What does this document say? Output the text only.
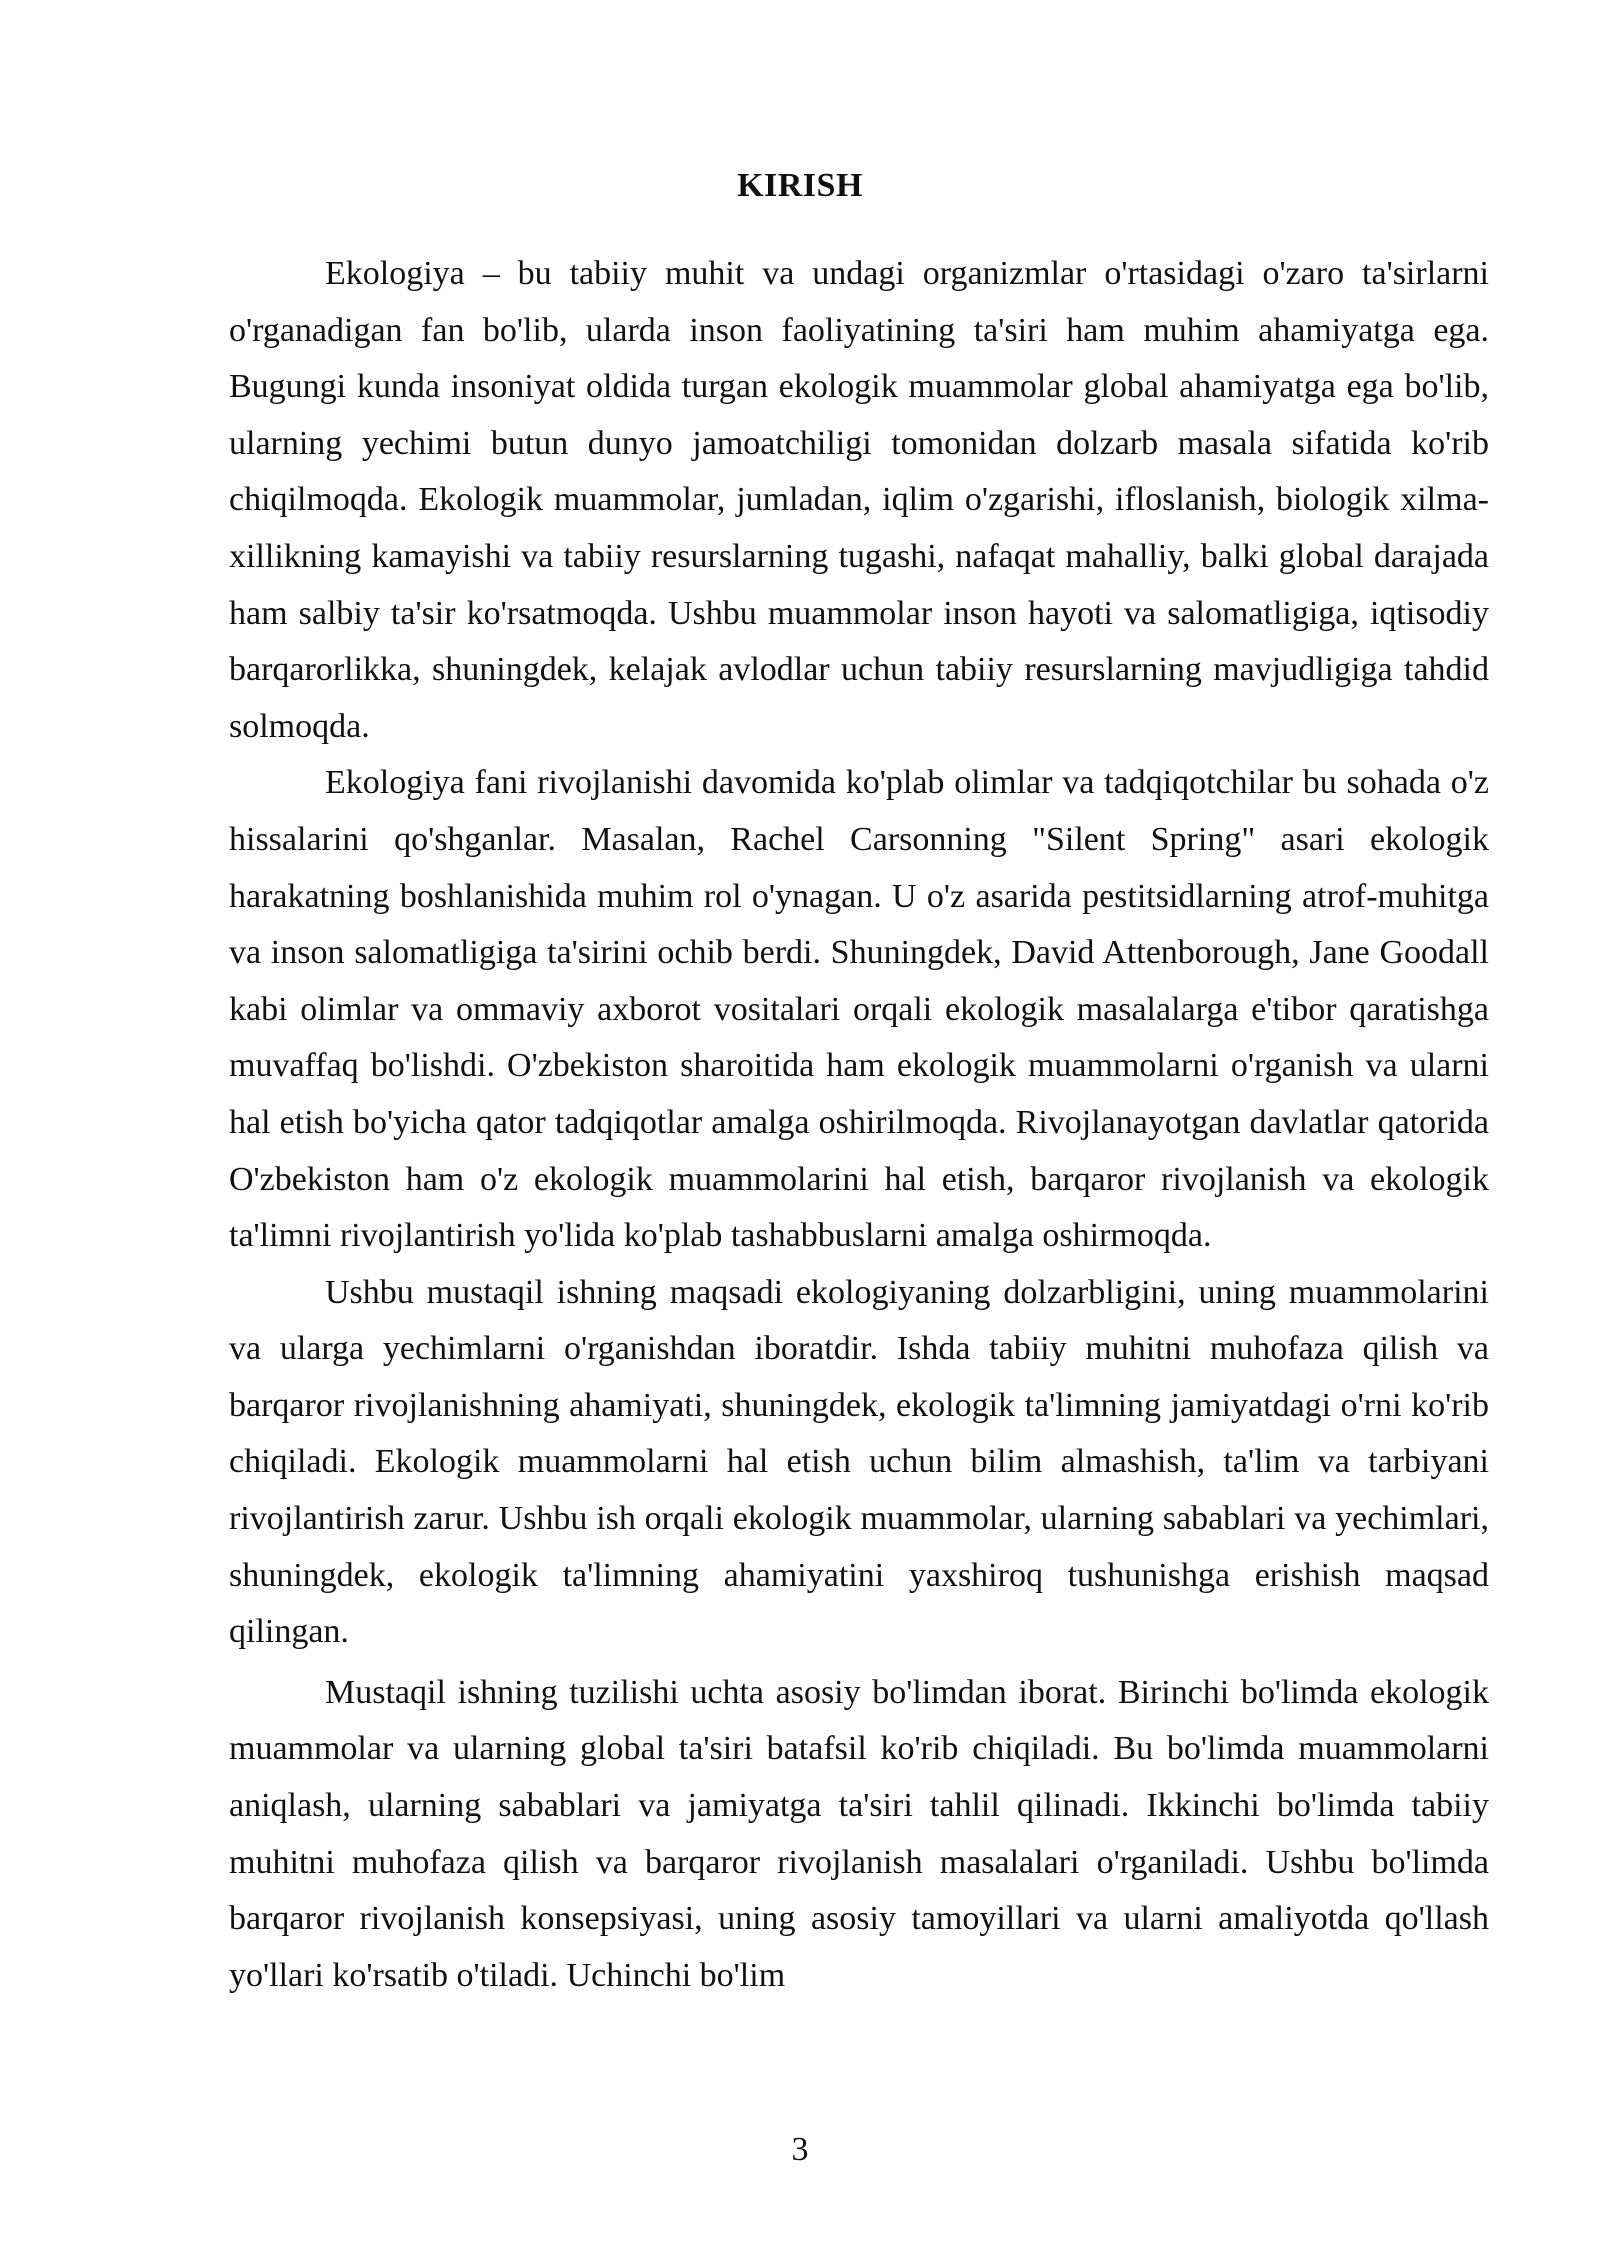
KIRISH

Ekologiya – bu tabiiy muhit va undagi organizmlar o'rtasidagi o'zaro ta'sirlarni o'rganadigan fan bo'lib, ularda inson faoliyatining ta'siri ham muhim ahamiyatga ega. Bugungi kunda insoniyat oldida turgan ekologik muammolar global ahamiyatga ega bo'lib, ularning yechimi butun dunyo jamoatchiligi tomonidan dolzarb masala sifatida ko'rib chiqilmoqda. Ekologik muammolar, jumladan, iqlim o'zgarishi, ifloslanish, biologik xilma-xillikning kamayishi va tabiiy resurslarning tugashi, nafaqat mahalliy, balki global darajada ham salbiy ta'sir ko'rsatmoqda. Ushbu muammolar inson hayoti va salomatligiga, iqtisodiy barqarorlikka, shuningdek, kelajak avlodlar uchun tabiiy resurslarning mavjudligiga tahdid solmoqda.

Ekologiya fani rivojlanishi davomida ko'plab olimlar va tadqiqotchilar bu sohada o'z hissalarini qo'shganlar. Masalan, Rachel Carsonning "Silent Spring" asari ekologik harakatning boshlanishida muhim rol o'ynagan. U o'z asarida pestitsidlarning atrof-muhitga va inson salomatligiga ta'sirini ochib berdi. Shuningdek, David Attenborough, Jane Goodall kabi olimlar va ommaviy axborot vositalari orqali ekologik masalalarga e'tibor qaratishga muvaffaq bo'lishdi. O'zbekiston sharoitida ham ekologik muammolarni o'rganish va ularni hal etish bo'yicha qator tadqiqotlar amalga oshirilmoqda. Rivojlanayotgan davlatlar qatorida O'zbekiston ham o'z ekologik muammolarini hal etish, barqaror rivojlanish va ekologik ta'limni rivojlantirish yo'lida ko'plab tashabbuslarni amalga oshirmoqda.

Ushbu mustaqil ishning maqsadi ekologiyaning dolzarbligini, uning muammolarini va ularga yechimlarni o'rganishdan iboratdir. Ishda tabiiy muhitni muhofaza qilish va barqaror rivojlanishning ahamiyati, shuningdek, ekologik ta'limning jamiyatdagi o'rni ko'rib chiqiladi. Ekologik muammolarni hal etish uchun bilim almashish, ta'lim va tarbiyani rivojlantirish zarur. Ushbu ish orqali ekologik muammolar, ularning sabablari va yechimlari, shuningdek, ekologik ta'limning ahamiyatini yaxshiroq tushunishga erishish maqsad qilingan.

Mustaqil ishning tuzilishi uchta asosiy bo'limdan iborat. Birinchi bo'limda ekologik muammolar va ularning global ta'siri batafsil ko'rib chiqiladi. Bu bo'limda muammolarni aniqlash, ularning sabablari va jamiyatga ta'siri tahlil qilinadi. Ikkinchi bo'limda tabiiy muhitni muhofaza qilish va barqaror rivojlanish masalalari o'rganiladi. Ushbu bo'limda barqaror rivojlanish konsepsiyasi, uning asosiy tamoyillari va ularni amaliyotda qo'llash yo'llari ko'rsatib o'tiladi. Uchinchi bo'lim

3
